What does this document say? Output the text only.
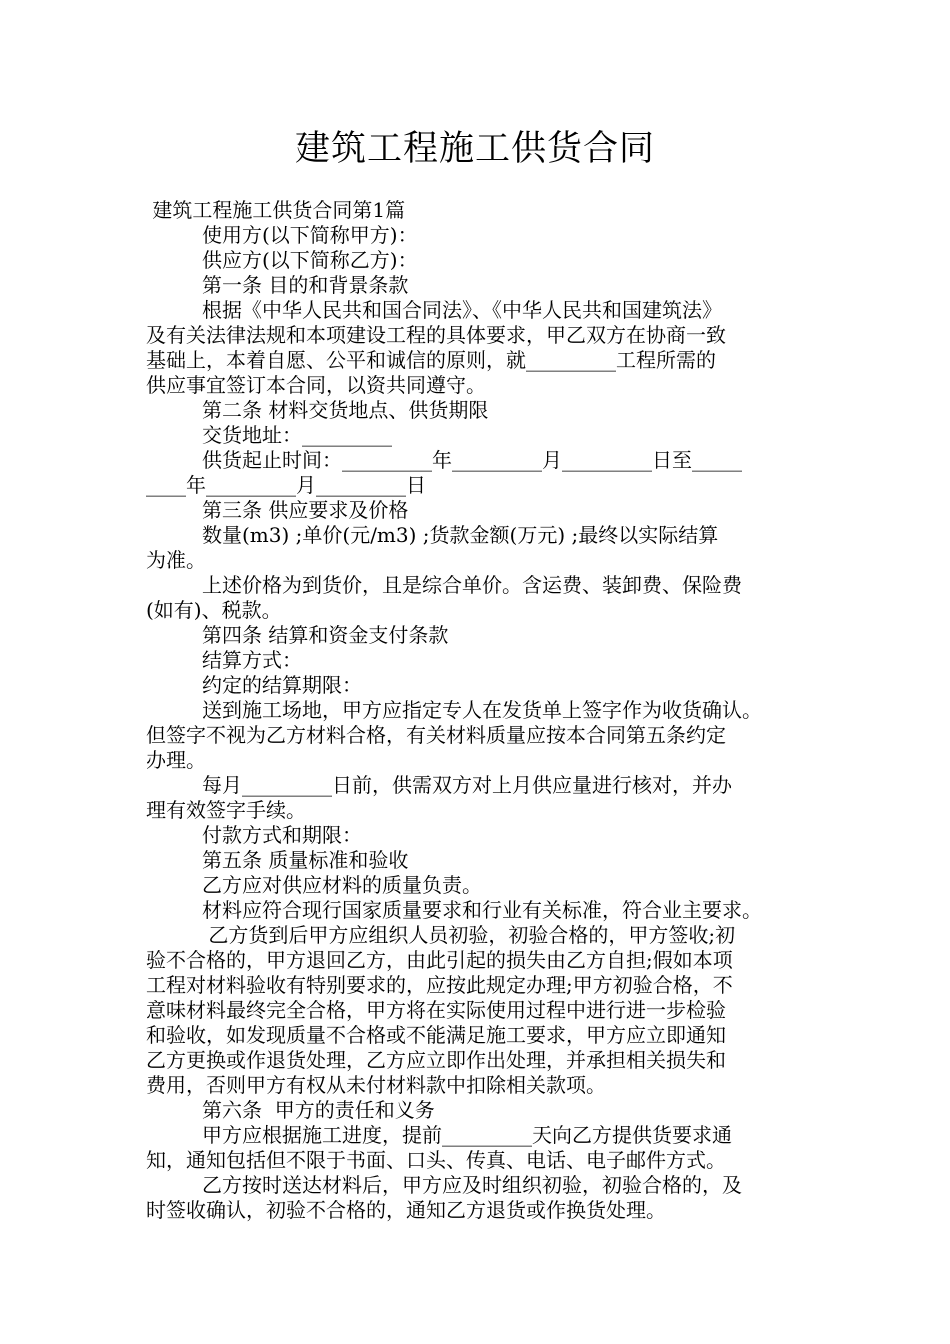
建筑工程施工供货合同
建筑工程施工供货合同第1篇
使用方(以下简称甲方)：
供应方(以下简称乙方)：
第一条 目的和背景条款
根据《中华人民共和国合同法》、《中华人民共和国建筑法》
及有关法律法规和本项建设工程的具体要求，甲乙双方在协商一致
基础上，本着自愿、公平和诚信的原则，就_________工程所需的
供应事宜签订本合同，以资共同遵守。
第二条 材料交货地点、供货期限
交货地址：_________
供货起止时间：_________年_________月_________日至_____
____年_________月_________日
第三条 供应要求及价格
数量(m3) ;单价(元/m3) ;货款金额(万元) ;最终以实际结算
为准。
上述价格为到货价，且是综合单价。含运费、装卸费、保险费
(如有)、税款。
第四条 结算和资金支付条款
结算方式：
约定的结算期限：
送到施工场地，甲方应指定专人在发货单上签字作为收货确认。
但签字不视为乙方材料合格，有关材料质量应按本合同第五条约定
办理。
每月_________日前，供需双方对上月供应量进行核对，并办
理有效签字手续。
付款方式和期限：
第五条 质量标准和验收
乙方应对供应材料的质量负责。
材料应符合现行国家质量要求和行业有关标准，符合业主要求。
乙方货到后甲方应组织人员初验，初验合格的，甲方签收;初
验不合格的，甲方退回乙方，由此引起的损失由乙方自担;假如本项
工程对材料验收有特别要求的，应按此规定办理;甲方初验合格，不
意味材料最终完全合格，甲方将在实际使用过程中进行进一步检验
和验收，如发现质量不合格或不能满足施工要求，甲方应立即通知
乙方更换或作退货处理，乙方应立即作出处理，并承担相关损失和
费用，否则甲方有权从未付材料款中扣除相关款项。
第六条  甲方的责任和义务
甲方应根据施工进度，提前_________天向乙方提供货要求通
知，通知包括但不限于书面、口头、传真、电话、电子邮件方式。
乙方按时送达材料后，甲方应及时组织初验，初验合格的，及
时签收确认，初验不合格的，通知乙方退货或作换货处理。
